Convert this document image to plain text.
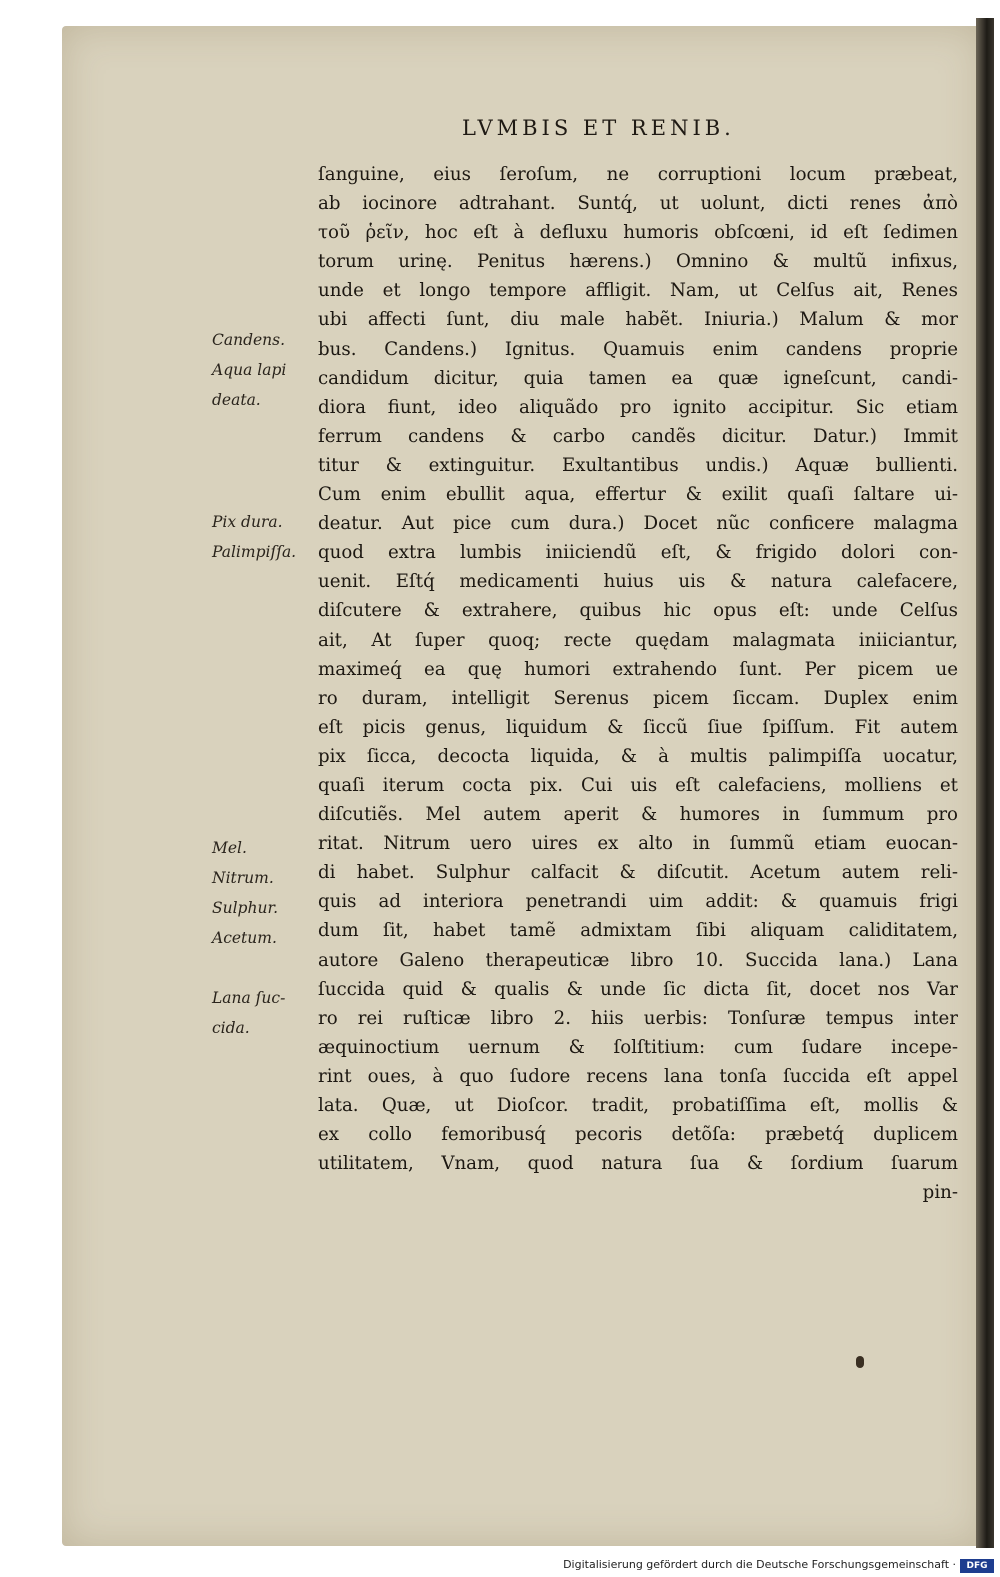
LVMBIS ET RENIB.
Candens.
Aqua lapi
deata.
Pix dura.
Palimpiſſa.
Mel.
Nitrum.
Sulphur.
Acetum.
Lana ſuc-
cida.
ſanguine, eius ſeroſum, ne corruptioni locum præbeat,
ab iocinore adtrahant. Suntq́, ut uolunt, dicti renes ἀπὸ
τοῦ ῥεῖν, hoc eſt à defluxu humoris obſcœni, id eſt ſedimen
torum urinę. Penitus hærens.) Omnino & multũ infixus,
unde et longo tempore affligit. Nam, ut Celſus ait, Renes
ubi affecti ſunt, diu male habẽt. Iniuria.) Malum & mor
bus. Candens.) Ignitus. Quamuis enim candens proprie
candidum dicitur, quia tamen ea quæ igneſcunt, candi-
diora fiunt, ideo aliquãdo pro ignito accipitur. Sic etiam
ferrum candens & carbo candẽs dicitur. Datur.) Immit
titur & extinguitur. Exultantibus undis.) Aquæ bullienti.
Cum enim ebullit aqua, effertur & exilit quaſi ſaltare ui-
deatur. Aut pice cum dura.) Docet nũc conficere malagma
quod extra lumbis iniiciendũ eſt, & frigido dolori con-
uenit. Eſtq́ medicamenti huius uis & natura calefacere,
diſcutere & extrahere, quibus hic opus eſt: unde Celſus
ait, At ſuper quoq; recte quędam malagmata iniiciantur,
maximeq́ ea quę humori extrahendo ſunt. Per picem ue
ro duram, intelligit Serenus picem ſiccam. Duplex enim
eſt picis genus, liquidum & ſiccũ ſiue ſpiſſum. Fit autem
pix ſicca, decocta liquida, & à multis palimpiſſa uocatur,
quaſi iterum cocta pix. Cui uis eſt calefaciens, molliens et
diſcutiẽs. Mel autem aperit & humores in ſummum pro
ritat. Nitrum uero uires ex alto in ſummũ etiam euocan-
di habet. Sulphur calfacit & diſcutit. Acetum autem reli-
quis ad interiora penetrandi uim addit: & quamuis frigi
dum ſit, habet tamẽ admixtam ſibi aliquam caliditatem,
autore Galeno therapeuticæ libro 10. Succida lana.) Lana
ſuccida quid & qualis & unde ſic dicta ſit, docet nos Var
ro rei ruſticæ libro 2. hiis uerbis: Tonſuræ tempus inter
æquinoctium uernum & ſolſtitium: cum ſudare incepe-
rint oues, à quo ſudore recens lana tonſa ſuccida eſt appel
lata. Quæ, ut Dioſcor. tradit, probatiſſima eſt, mollis &
ex collo femoribusq́ pecoris detõſa: præbetq́ duplicem
utilitatem, Vnam, quod natura ſua & ſordium ſuarum
pin-
Digitalisierung gefördert durch die Deutsche Forschungsgemeinschaft ·	DFG
